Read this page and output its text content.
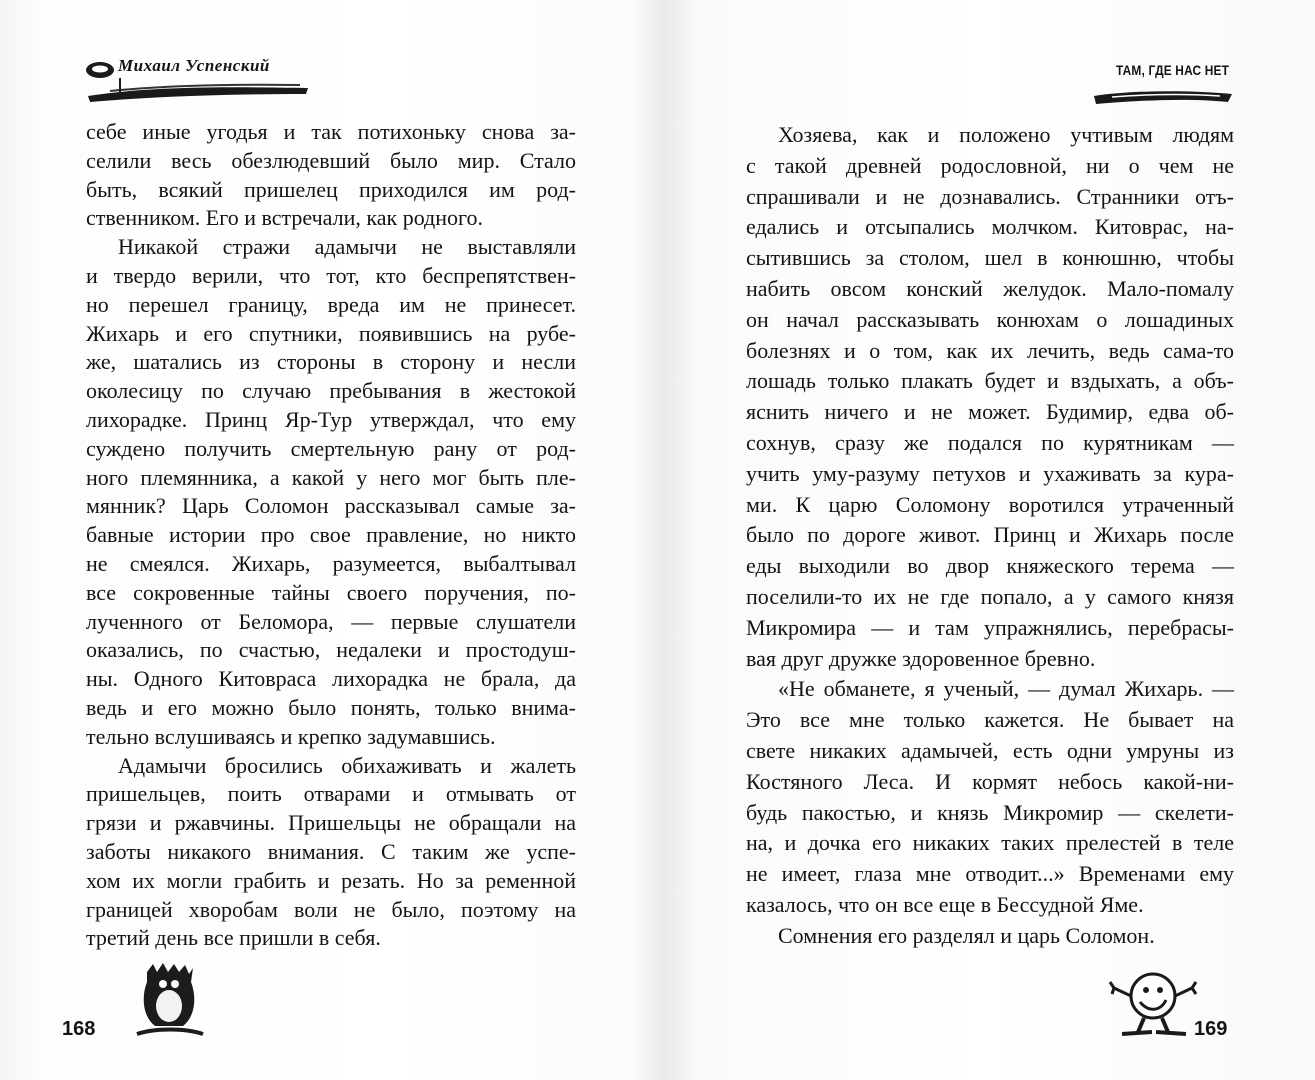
Михаил Успенский
себе иные угодья и так потихоньку снова за-
селили весь обезлюдевший было мир. Стало
быть, всякий пришелец приходился им род-
ственником. Его и встречали, как родного.
Никакой стражи адамычи не выставляли
и твердо верили, что тот, кто беспрепятствен-
но перешел границу, вреда им не принесет.
Жихарь и его спутники, появившись на рубе-
же, шатались из стороны в сторону и несли
околесицу по случаю пребывания в жестокой
лихорадке. Принц Яр-Тур утверждал, что ему
суждено получить смертельную рану от род-
ного племянника, а какой у него мог быть пле-
мянник? Царь Соломон рассказывал самые за-
бавные истории про свое правление, но никто
не смеялся. Жихарь, разумеется, выбалтывал
все сокровенные тайны своего поручения, по-
лученного от Беломора, — первые слушатели
оказались, по счастью, недалеки и простодуш-
ны. Одного Китовраса лихорадка не брала, да
ведь и его можно было понять, только внима-
тельно вслушиваясь и крепко задумавшись.
Адамычи бросились обихаживать и жалеть
пришельцев, поить отварами и отмывать от
грязи и ржавчины. Пришельцы не обращали на
заботы никакого внимания. С таким же успе-
хом их могли грабить и резать. Но за ременной
границей хворобам воли не было, поэтому на
третий день все пришли в себя.
168
ТАМ, ГДЕ НАС НЕТ
Хозяева, как и положено учтивым людям
с такой древней родословной, ни о чем не
спрашивали и не дознавались. Странники отъ-
едались и отсыпались молчком. Китоврас, на-
сытившись за столом, шел в конюшню, чтобы
набить овсом конский желудок. Мало-помалу
он начал рассказывать конюхам о лошадиных
болезнях и о том, как их лечить, ведь сама-то
лошадь только плакать будет и вздыхать, а объ-
яснить ничего и не может. Будимир, едва об-
сохнув, сразу же подался по курятникам —
учить уму-разуму петухов и ухаживать за кура-
ми. К царю Соломону воротился утраченный
было по дороге живот. Принц и Жихарь после
еды выходили во двор княжеского терема —
поселили-то их не где попало, а у самого князя
Микромира — и там упражнялись, перебрасы-
вая друг дружке здоровенное бревно.
«Не обманете, я ученый, — думал Жихарь. —
Это все мне только кажется. Не бывает на
свете никаких адамычей, есть одни умруны из
Костяного Леса. И кормят небось какой-ни-
будь пакостью, и князь Микромир — скелети-
на, и дочка его никаких таких прелестей в теле
не имеет, глаза мне отводит...» Временами ему
казалось, что он все еще в Бессудной Яме.
Сомнения его разделял и царь Соломон.
169
